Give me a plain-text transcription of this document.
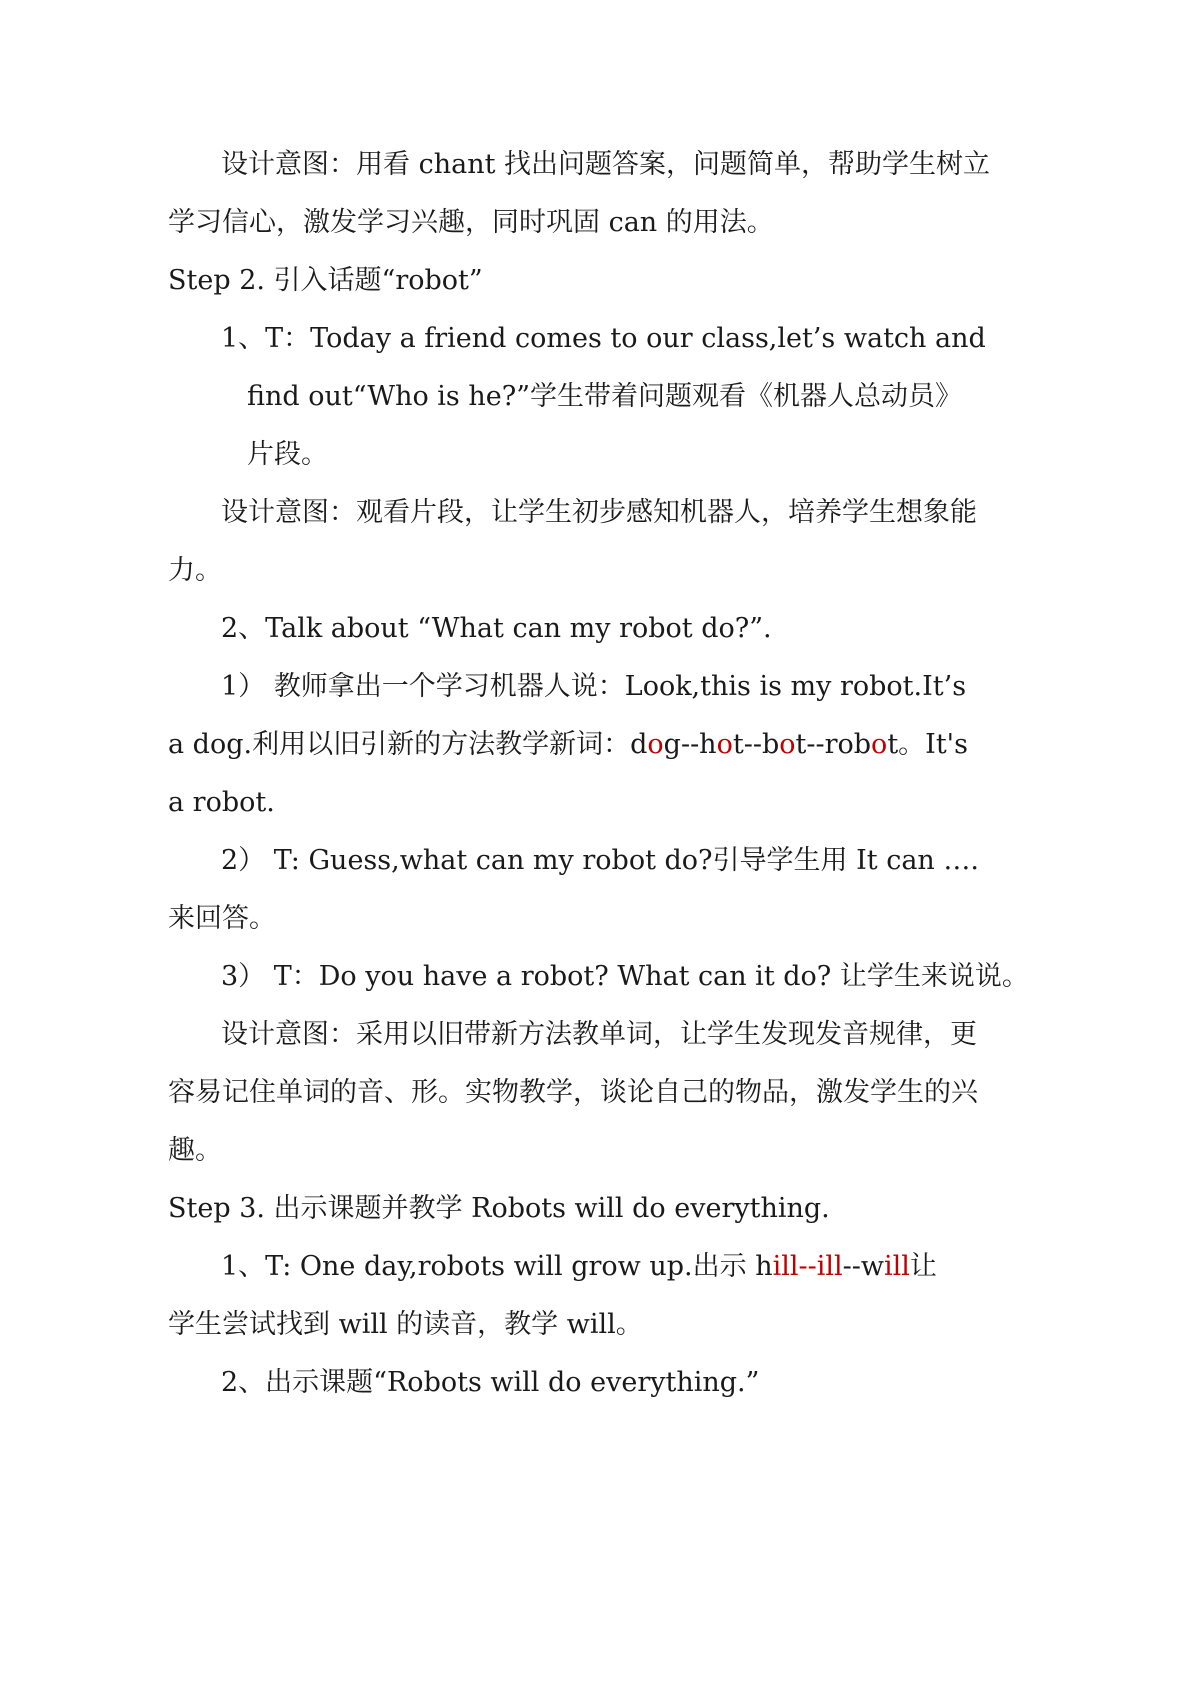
设计意图：用看 chant 找出问题答案，问题简单，帮助学生树立
学习信心，激发学习兴趣，同时巩固 can 的用法。
Step 2. 引入话题“robot”
1、T：Today a friend comes to our class,let’s watch and
find out“Who is he?”学生带着问题观看《机器人总动员》
片段。
设计意图：观看片段，让学生初步感知机器人，培养学生想象能
力。
2、Talk about “What can my robot do?”.
1） 教师拿出一个学习机器人说：Look,this is my robot.It’s
a dog.利用以旧引新的方法教学新词：dog--hot--bot--robot。It's
a robot.
2） T: Guess,what can my robot do?引导学生用 It can ….
来回答。
3） T：Do you have a robot? What can it do? 让学生来说说。
设计意图：采用以旧带新方法教单词，让学生发现发音规律，更
容易记住单词的音、形。实物教学，谈论自己的物品，激发学生的兴
趣。
Step 3. 出示课题并教学 Robots will do everything.
1、T: One day,robots will grow up.出示 hill--ill--will让
学生尝试找到 will 的读音，教学 will。
2、出示课题“Robots will do everything.”
